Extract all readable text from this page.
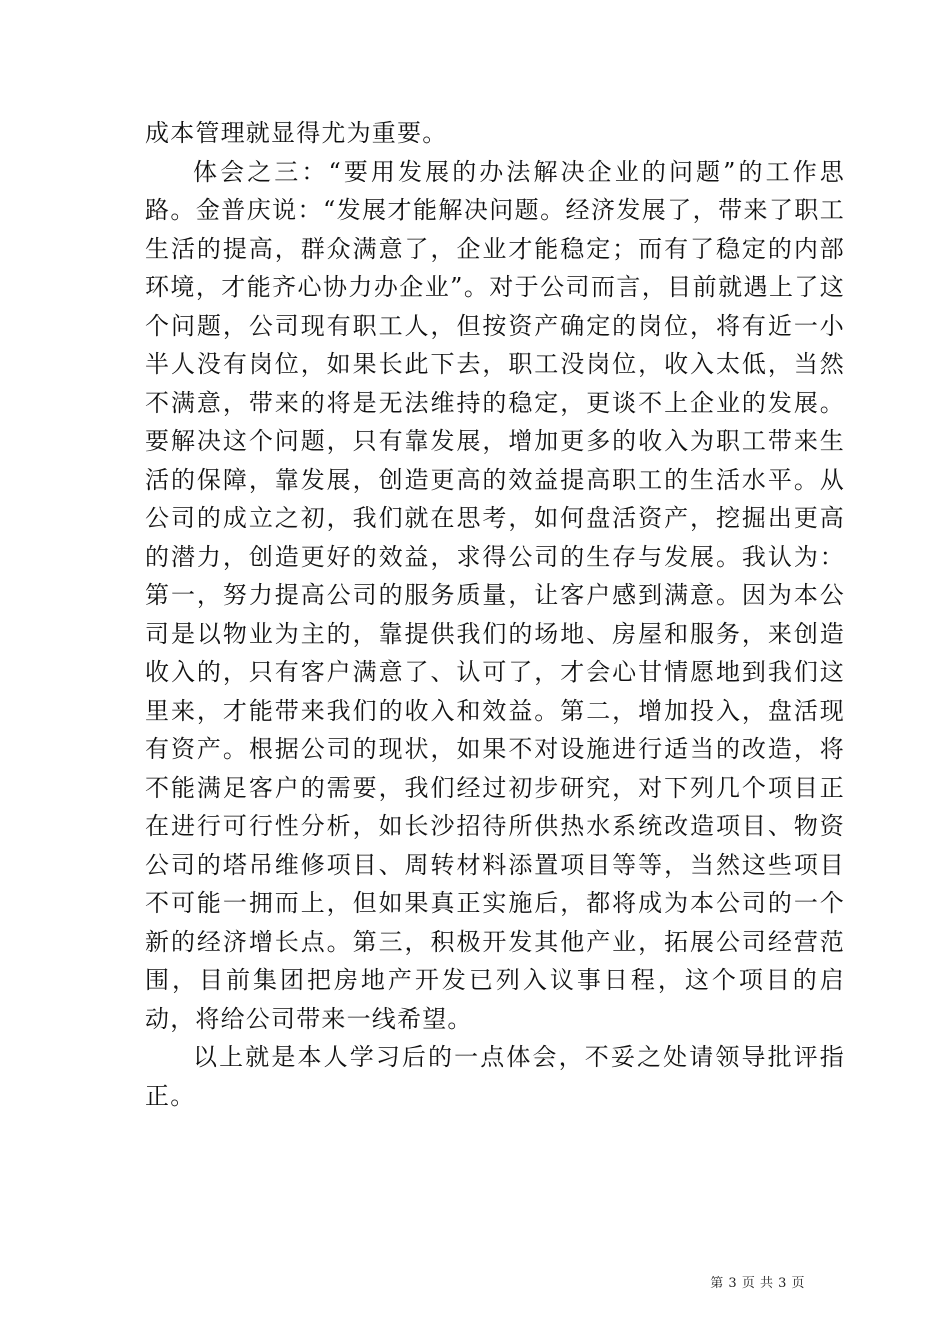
成本管理就显得尤为重要。

体会之三：“要用发展的办法解决企业的问题”的工作思路。金普庆说：“发展才能解决问题。经济发展了，带来了职工生活的提高，群众满意了，企业才能稳定；而有了稳定的内部环境，才能齐心协力办企业”。对于公司而言，目前就遇上了这个问题，公司现有职工人，但按资产确定的岗位，将有近一小半人没有岗位，如果长此下去，职工没岗位，收入太低，当然不满意，带来的将是无法维持的稳定，更谈不上企业的发展。要解决这个问题，只有靠发展，增加更多的收入为职工带来生活的保障，靠发展，创造更高的效益提高职工的生活水平。从公司的成立之初，我们就在思考，如何盘活资产，挖掘出更高的潜力，创造更好的效益，求得公司的生存与发展。我认为：第一，努力提高公司的服务质量，让客户感到满意。因为本公司是以物业为主的，靠提供我们的场地、房屋和服务，来创造收入的，只有客户满意了、认可了，才会心甘情愿地到我们这里来，才能带来我们的收入和效益。第二，增加投入，盘活现有资产。根据公司的现状，如果不对设施进行适当的改造，将不能满足客户的需要，我们经过初步研究，对下列几个项目正在进行可行性分析，如长沙招待所供热水系统改造项目、物资公司的塔吊维修项目、周转材料添置项目等等，当然这些项目不可能一拥而上，但如果真正实施后，都将成为本公司的一个新的经济增长点。第三，积极开发其他产业，拓展公司经营范围，目前集团把房地产开发已列入议事日程，这个项目的启动，将给公司带来一线希望。

以上就是本人学习后的一点体会，不妥之处请领导批评指正。

第 3 页 共 3 页
